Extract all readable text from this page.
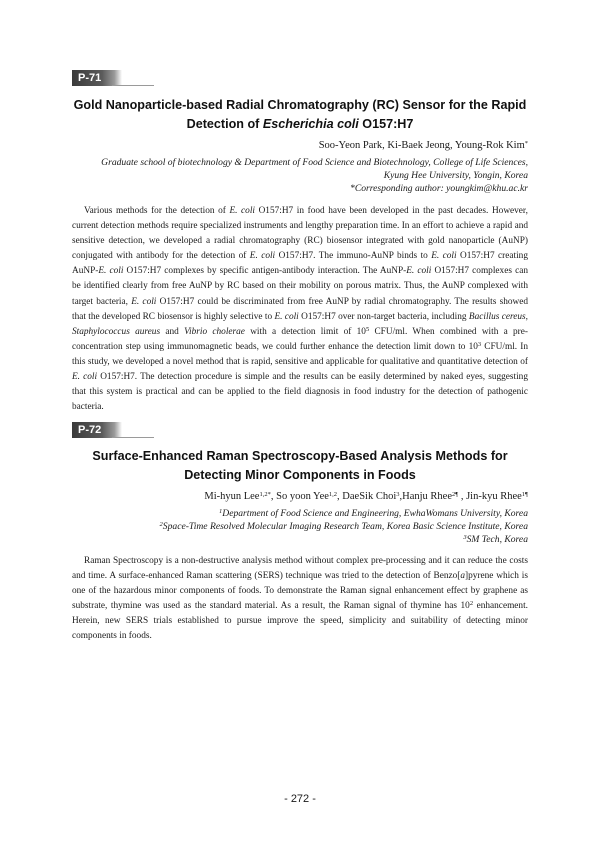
P-71
Gold Nanoparticle-based Radial Chromatography (RC) Sensor for the Rapid
Detection of Escherichia coli O157:H7
Soo-Yeon Park, Ki-Baek Jeong, Young-Rok Kim*
Graduate school of biotechnology & Department of Food Science and Biotechnology, College of Life Sciences,
Kyung Hee University, Yongin, Korea
*Corresponding author: youngkim@khu.ac.kr

Various methods for the detection of E. coli O157:H7 in food have been developed in the past decades. However, current detection methods require specialized instruments and lengthy preparation time. In an effort to achieve a rapid and sensitive detection, we developed a radial chromatography (RC) biosensor integrated with gold nanoparticle (AuNP) conjugated with antibody for the detection of E. coli O157:H7. The immuno-AuNP binds to E. coli O157:H7 creating AuNP-E. coli O157:H7 complexes by specific antigen-antibody interaction. The AuNP-E. coli O157:H7 complexes can be identified clearly from free AuNP by RC based on their mobility on porous matrix. Thus, the AuNP complexed with target bacteria, E. coli O157:H7 could be discriminated from free AuNP by radial chromatography. The results showed that the developed RC biosensor is highly selective to E. coli O157:H7 over non-target bacteria, including Bacillus cereus, Staphylococcus aureus and Vibrio cholerae with a detection limit of $10^5$ CFU/ml. When combined with a pre-concentration step using immunomagnetic beads, we could further enhance the detection limit down to $10^3$ CFU/ml. In this study, we developed a novel method that is rapid, sensitive and applicable for qualitative and quantitative detection of E. coli O157:H7. The detection procedure is simple and the results can be easily determined by naked eyes, suggesting that this system is practical and can be applied to the field diagnosis in food industry for the detection of pathogenic bacteria.

P-72
Surface-Enhanced Raman Spectroscopy-Based Analysis Methods for
Detecting Minor Components in Foods
Mi-hyun Lee$^{1,2*}$, So yoon Yee$^{1,2}$, DaeSik Choi$^3$,Hanju Rhee$^{2\P}$ , Jin-kyu Rhee$^{1\P}$
$^1$Department of Food Science and Engineering, EwhaWomans University, Korea
$^2$Space-Time Resolved Molecular Imaging Research Team, Korea Basic Science Institute, Korea
$^3$SM Tech, Korea

Raman Spectroscopy is a non-destructive analysis method without complex pre-processing and it can reduce the costs and time. A surface-enhanced Raman scattering (SERS) technique was tried to the detection of Benzo[a]pyrene which is one of the hazardous minor components of foods. To demonstrate the Raman signal enhancement effect by graphene as substrate, thymine was used as the standard material. As a result, the Raman signal of thymine has $10^2$ enhancement. Herein, new SERS trials established to pursue improve the speed, simplicity and suitability of detecting minor components in foods.

- 272 -
